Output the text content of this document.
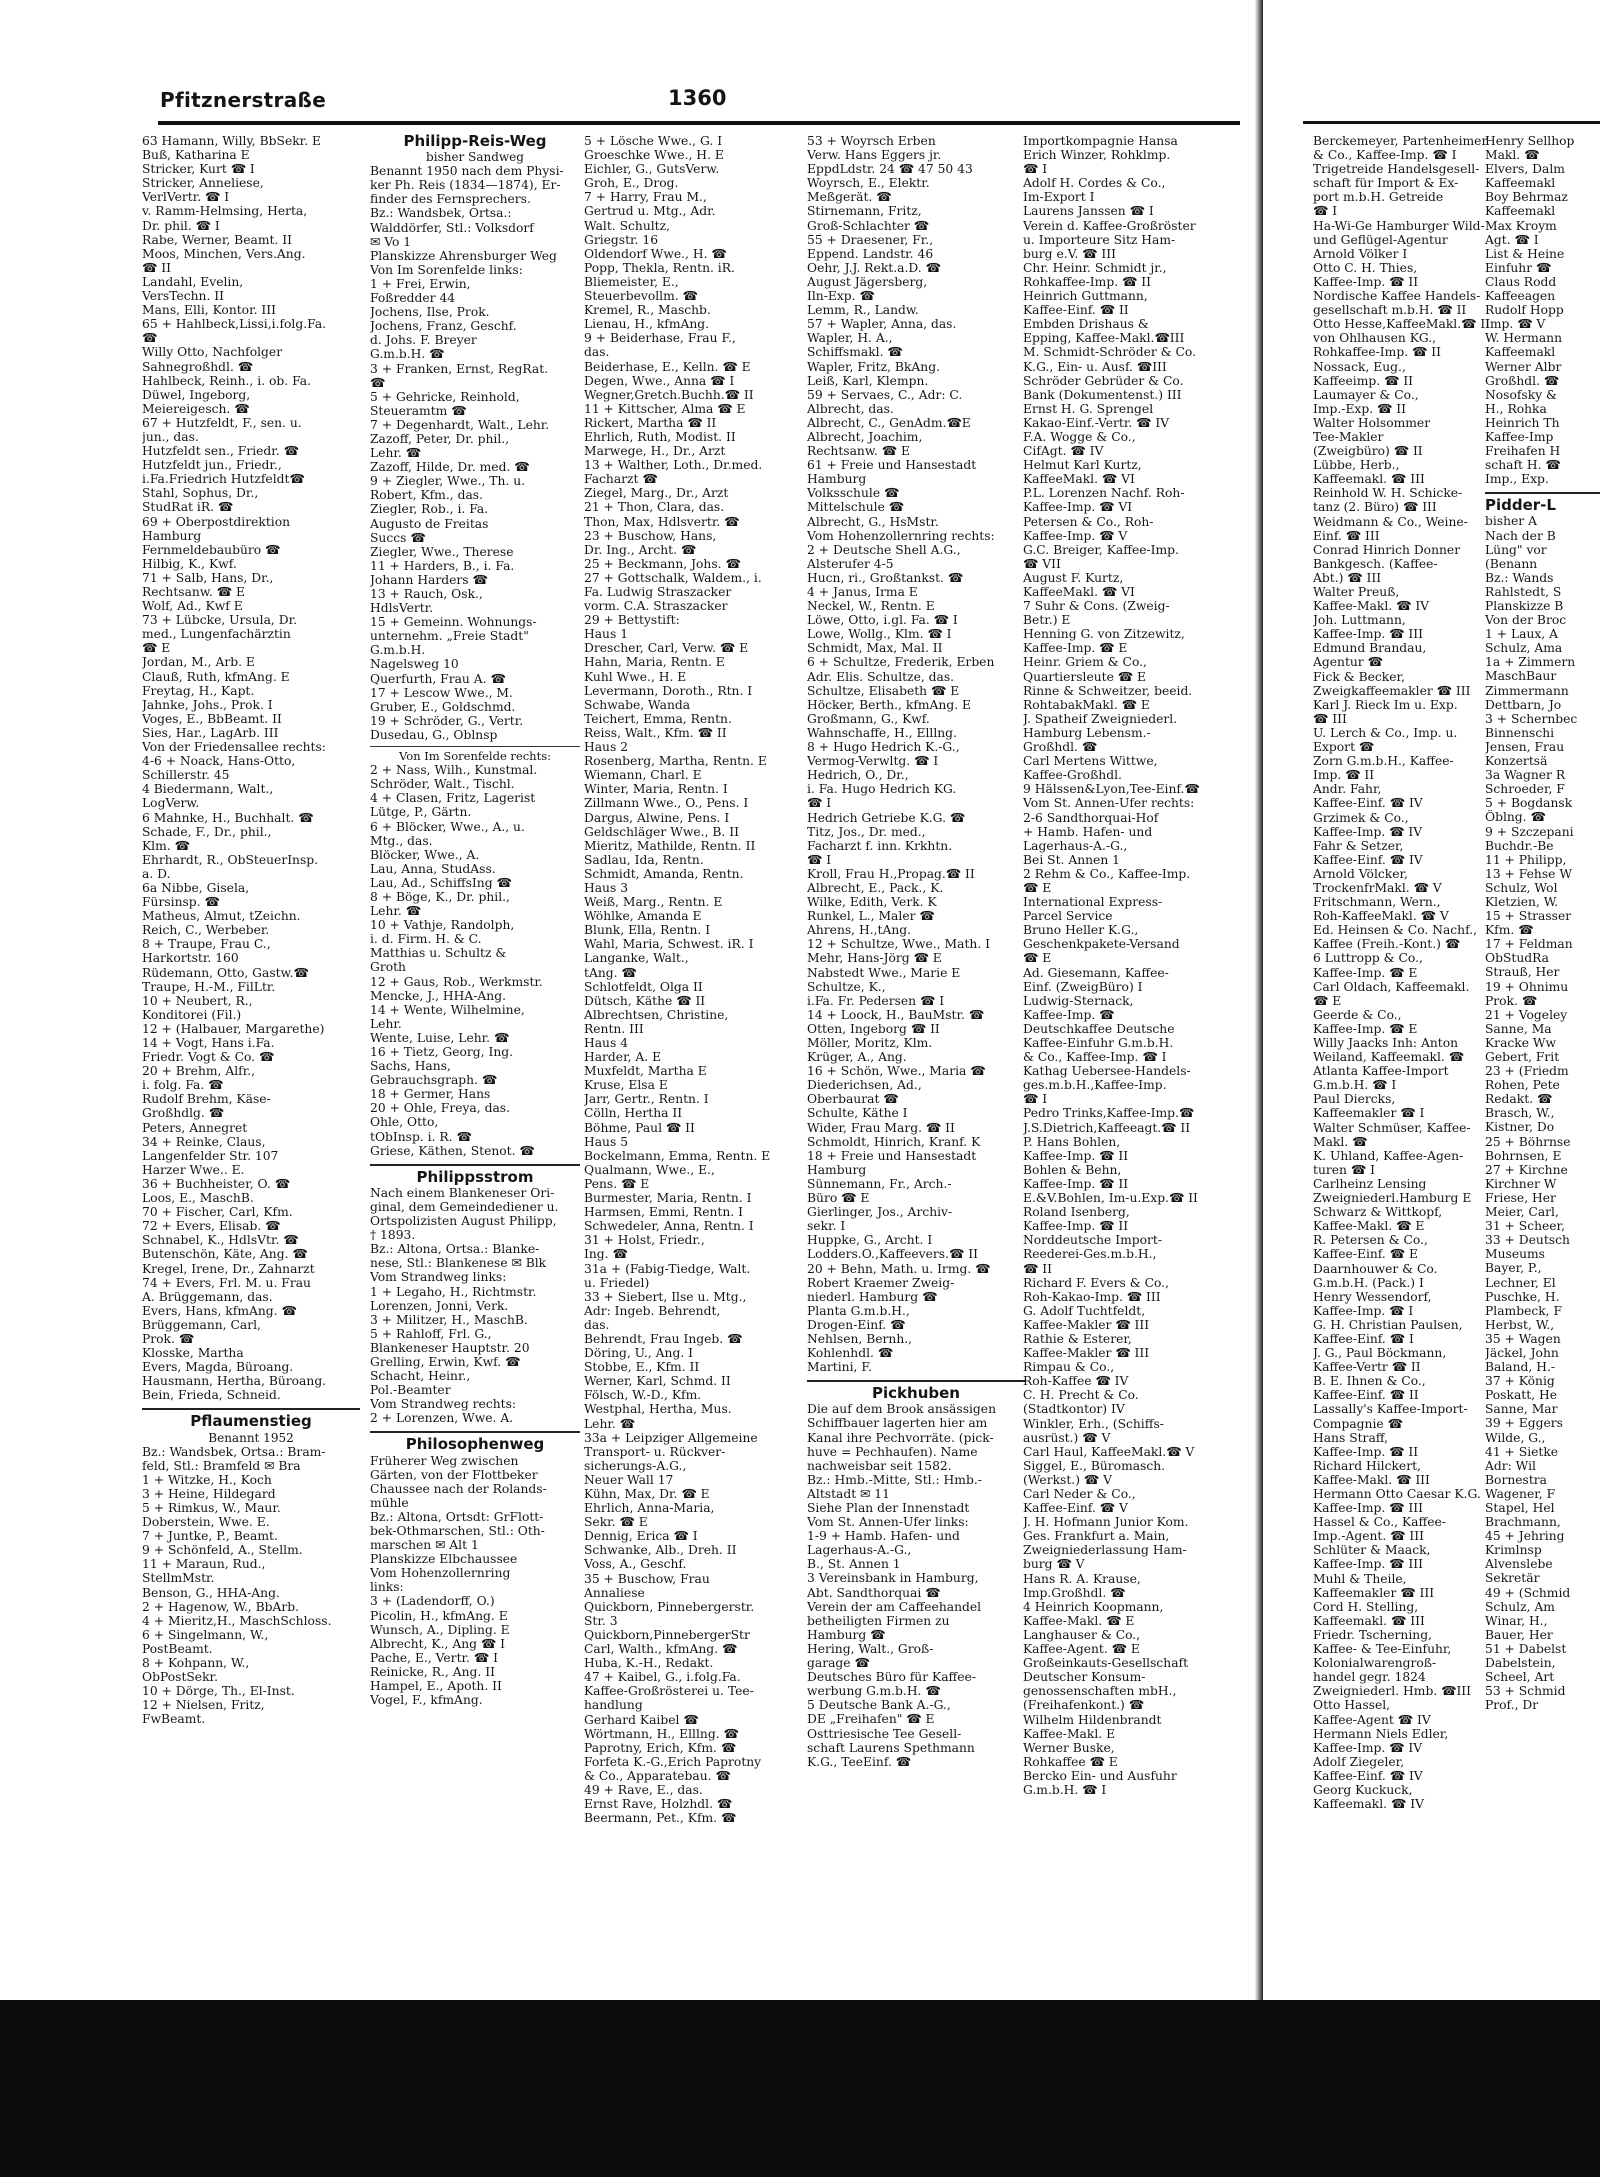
Pfitznerstraße	1360
63 Hamann, Willy, BbSekr. E
Buß, Katharina E
Stricker, Kurt ☎ I
Stricker, Anneliese,
VerlVertr. ☎ I
v. Ramm-Helmsing, Herta,
Dr. phil. ☎ I
Rabe, Werner, Beamt. II
Moos, Minchen, Vers.Ang.
☎ II
Landahl, Evelin,
VersTechn. II
Mans, Elli, Kontor. III
65 + Hahlbeck,Lissi,i.folg.Fa.
☎
Willy Otto, Nachfolger
Sahnegroßhdl. ☎
Hahlbeck, Reinh., i. ob. Fa.
Düwel, Ingeborg,
Meiereigesch. ☎
67 + Hutzfeldt, F., sen. u.
jun., das.
Hutzfeldt sen., Friedr. ☎
Hutzfeldt jun., Friedr.,
i.Fa.Friedrich Hutzfeldt☎
Stahl, Sophus, Dr.,
StudRat iR. ☎
69 + Oberpostdirektion
Hamburg
Fernmeldebaubüro ☎
Hilbig, K., Kwf.
71 + Salb, Hans, Dr.,
Rechtsanw. ☎ E
Wolf, Ad., Kwf E
73 + Lübcke, Ursula, Dr.
med., Lungenfachärztin
☎ E
Jordan, M., Arb. E
Clauß, Ruth, kfmAng. E
Freytag, H., Kapt.
Jahnke, Johs., Prok. I
Voges, E., BbBeamt. II
Sies, Har., LagArb. III
Von der Friedensallee rechts:
4-6 + Noack, Hans-Otto,
Schillerstr. 45
4 Biedermann, Walt.,
LogVerw.
6 Mahnke, H., Buchhalt. ☎
Schade, F., Dr., phil.,
Klm. ☎
Ehrhardt, R., ObSteuerInsp.
a. D.
6a Nibbe, Gisela,
Fürsinsp. ☎
Matheus, Almut, tZeichn.
Reich, C., Werbeber.
8 + Traupe, Frau C.,
Harkortstr. 160
Rüdemann, Otto, Gastw.☎
Traupe, H.-M., FilLtr.
10 + Neubert, R.,
Konditorei (Fil.)
12 + (Halbauer, Margarethe)
14 + Vogt, Hans i.Fa.
Friedr. Vogt & Co. ☎
20 + Brehm, Alfr.,
i. folg. Fa. ☎
Rudolf Brehm, Käse-
Großhdlg. ☎
Peters, Annegret
34 + Reinke, Claus,
Langenfelder Str. 107
Harzer Wwe.. E.
36 + Buchheister, O. ☎
Loos, E., MaschB.
70 + Fischer, Carl, Kfm.
72 + Evers, Elisab. ☎
Schnabel, K., HdlsVtr. ☎
Butenschön, Käte, Ang. ☎
Kregel, Irene, Dr., Zahnarzt
74 + Evers, Frl. M. u. Frau
A. Brüggemann, das.
Evers, Hans, kfmAng. ☎
Brüggemann, Carl,
Prok. ☎
Klosske, Martha
Evers, Magda, Büroang.
Hausmann, Hertha, Büroang.
Bein, Frieda, Schneid.
Pflaumenstieg
Benannt 1952
Bz.: Wandsbek, Ortsa.: Bram-
feld, Stl.: Bramfeld ✉ Bra
1 + Witzke, H., Koch
3 + Heine, Hildegard
5 + Rimkus, W., Maur.
Doberstein, Wwe. E.
7 + Juntke, P., Beamt.
9 + Schönfeld, A., Stellm.
11 + Maraun, Rud.,
StellmMstr.
Benson, G., HHA-Ang.
2 + Hagenow, W., BbArb.
4 + Mieritz,H., MaschSchloss.
6 + Singelmann, W.,
PostBeamt.
8 + Kohpann, W.,
ObPostSekr.
10 + Dörge, Th., El-Inst.
12 + Nielsen, Fritz,
FwBeamt.
Philipp-Reis-Weg
bisher Sandweg
Benannt 1950 nach dem Physi-
ker Ph. Reis (1834—1874), Er-
finder des Fernsprechers.
Bz.: Wandsbek, Ortsa.:
Walddörfer, Stl.: Volksdorf
✉ Vo 1
Planskizze Ahrensburger Weg
Von Im Sorenfelde links:
1 + Frei, Erwin,
Foßredder 44
Jochens, Ilse, Prok.
Jochens, Franz, Geschf.
d. Johs. F. Breyer
G.m.b.H. ☎
3 + Franken, Ernst, RegRat.
☎
5 + Gehricke, Reinhold,
Steueramtm ☎
7 + Degenhardt, Walt., Lehr.
Zazoff, Peter, Dr. phil.,
Lehr. ☎
Zazoff, Hilde, Dr. med. ☎
9 + Ziegler, Wwe., Th. u.
Robert, Kfm., das.
Ziegler, Rob., i. Fa.
Augusto de Freitas
Succs ☎
Ziegler, Wwe., Therese
11 + Harders, B., i. Fa.
Johann Harders ☎
13 + Rauch, Osk.,
HdlsVertr.
15 + Gemeinn. Wohnungs-
unternehm. „Freie Stadt"
G.m.b.H.
Nagelsweg 10
Querfurth, Frau A. ☎
17 + Lescow Wwe., M.
Gruber, E., Goldschmd.
19 + Schröder, G., Vertr.
Dusedau, G., Oblnsp
Von Im Sorenfelde rechts:
2 + Nass, Wilh., Kunstmal.
Schröder, Walt., Tischl.
4 + Clasen, Fritz, Lagerist
Lütge, P., Gärtn.
6 + Blöcker, Wwe., A., u.
Mtg., das.
Blöcker, Wwe., A.
Lau, Anna, StudAss.
Lau, Ad., SchiffsIng ☎
8 + Böge, K., Dr. phil.,
Lehr. ☎
10 + Vathje, Randolph,
i. d. Firm. H. & C.
Matthias u. Schultz &
Groth
12 + Gaus, Rob., Werkmstr.
Mencke, J., HHA-Ang.
14 + Wente, Wilhelmine,
Lehr.
Wente, Luise, Lehr. ☎
16 + Tietz, Georg, Ing.
Sachs, Hans,
Gebrauchsgraph. ☎
18 + Germer, Hans
20 + Ohle, Freya, das.
Ohle, Otto,
tObInsp. i. R. ☎
Griese, Käthen, Stenot. ☎
Philippsstrom
Nach einem Blankeneser Ori-
ginal, dem Gemeindediener u.
Ortspolizisten August Philipp,
† 1893.
Bz.: Altona, Ortsa.: Blanke-
nese, Stl.: Blankenese ✉ Blk
Vom Strandweg links:
1 + Legaho, H., Richtmstr.
Lorenzen, Jonni, Verk.
3 + Militzer, H., MaschB.
5 + Rahloff, Frl. G.,
Blankeneser Hauptstr. 20
Grelling, Erwin, Kwf. ☎
Schacht, Heinr.,
Pol.-Beamter
Vom Strandweg rechts:
2 + Lorenzen, Wwe. A.
Philosophenweg
Früherer Weg zwischen
Gärten, von der Flottbeker
Chaussee nach der Rolands-
mühle
Bz.: Altona, Ortsdt: GrFlott-
bek-Othmarschen, Stl.: Oth-
marschen ✉ Alt 1
Planskizze Elbchaussee
Vom Hohenzollernring
links:
3 + (Ladendorff, O.)
Picolin, H., kfmAng. E
Wunsch, A., Dipling. E
Albrecht, K., Ang ☎ I
Pache, E., Vertr. ☎ I
Reinicke, R., Ang. II
Hampel, E., Apoth. II
Vogel, F., kfmAng.
5 + Lösche Wwe., G. I
Groeschke Wwe., H. E
Eichler, G., GutsVerw.
Groh, E., Drog.
7 + Harry, Frau M.,
Gertrud u. Mtg., Adr.
Walt. Schultz,
Griegstr. 16
Oldendorf Wwe., H. ☎
Popp, Thekla, Rentn. iR.
Bliemeister, E.,
Steuerbevollm. ☎
Kremel, R., Maschb.
Lienau, H., kfmAng.
9 + Beiderhase, Frau F.,
das.
Beiderhase, E., Kelln. ☎ E
Degen, Wwe., Anna ☎ I
Wegner,Gretch.Buchh.☎ II
11 + Kittscher, Alma ☎ E
Rickert, Martha ☎ II
Ehrlich, Ruth, Modist. II
Marwege, H., Dr., Arzt
13 + Walther, Loth., Dr.med.
Facharzt ☎
Ziegel, Marg., Dr., Arzt
21 + Thon, Clara, das.
Thon, Max, Hdlsvertr. ☎
23 + Buschow, Hans,
Dr. Ing., Archt. ☎
25 + Beckmann, Johs. ☎
27 + Gottschalk, Waldem., i.
Fa. Ludwig Straszacker
vorm. C.A. Straszacker
29 + Bettystift:
Haus 1
Drescher, Carl, Verw. ☎ E
Hahn, Maria, Rentn. E
Kuhl Wwe., H. E
Levermann, Doroth., Rtn. I
Schwabe, Wanda
Teichert, Emma, Rentn.
Reiss, Walt., Kfm. ☎ II
Haus 2
Rosenberg, Martha, Rentn. E
Wiemann, Charl. E
Winter, Maria, Rentn. I
Zillmann Wwe., O., Pens. I
Dargus, Alwine, Pens. I
Geldschläger Wwe., B. II
Mieritz, Mathilde, Rentn. II
Sadlau, Ida, Rentn.
Schmidt, Amanda, Rentn.
Haus 3
Weiß, Marg., Rentn. E
Wöhlke, Amanda E
Blunk, Ella, Rentn. I
Wahl, Maria, Schwest. iR. I
Langanke, Walt.,
tAng. ☎
Schlotfeldt, Olga II
Dütsch, Käthe ☎ II
Albrechtsen, Christine,
Rentn. III
Haus 4
Harder, A. E
Muxfeldt, Martha E
Kruse, Elsa E
Jarr, Gertr., Rentn. I
Cölln, Hertha II
Böhme, Paul ☎ II
Haus 5
Bockelmann, Emma, Rentn. E
Qualmann, Wwe., E.,
Pens. ☎ E
Burmester, Maria, Rentn. I
Harmsen, Emmi, Rentn. I
Schwedeler, Anna, Rentn. I
31 + Holst, Friedr.,
Ing. ☎
31a + (Fabig-Tiedge, Walt.
u. Friedel)
33 + Siebert, Ilse u. Mtg.,
Adr: Ingeb. Behrendt,
das.
Behrendt, Frau Ingeb. ☎
Döring, U., Ang. I
Stobbe, E., Kfm. II
Werner, Karl, Schmd. II
Fölsch, W.-D., Kfm.
Westphal, Hertha, Mus.
Lehr. ☎
33a + Leipziger Allgemeine
Transport- u. Rückver-
sicherungs-A.G.,
Neuer Wall 17
Kühn, Max, Dr. ☎ E
Ehrlich, Anna-Maria,
Sekr. ☎ E
Dennig, Erica ☎ I
Schwanke, Alb., Dreh. II
Voss, A., Geschf.
35 + Buschow, Frau
Annaliese
Quickborn, Pinnebergerstr.
Str. 3
Quickborn,PinnebergerStr
Carl, Walth., kfmAng. ☎
Huba, K.-H., Redakt.
47 + Kaibel, G., i.folg.Fa.
Kaffee-Großrösterei u. Tee-
handlung
Gerhard Kaibel ☎
Wörtmann, H., Elllng. ☎
Paprotny, Erich, Kfm. ☎
Forfeta K.-G.,Erich Paprotny
& Co., Apparatebau. ☎
49 + Rave, E., das.
Ernst Rave, Holzhdl. ☎
Beermann, Pet., Kfm. ☎
53 + Woyrsch Erben
Verw. Hans Eggers jr.
EppdLdstr. 24 ☎ 47 50 43
Woyrsch, E., Elektr.
Meßgerät. ☎
Stirnemann, Fritz,
Groß-Schlachter ☎
55 + Draesener, Fr.,
Eppend. Landstr. 46
Oehr, J.J. Rekt.a.D. ☎
August Jägersberg,
Iln-Exp. ☎
Lemm, R., Landw.
57 + Wapler, Anna, das.
Wapler, H. A.,
Schiffsmakl. ☎
Wapler, Fritz, BkAng.
Leiß, Karl, Klempn.
59 + Servaes, C., Adr: C.
Albrecht, das.
Albrecht, C., GenAdm.☎E
Albrecht, Joachim,
Rechtsanw. ☎ E
61 + Freie und Hansestadt
Hamburg
Volksschule ☎
Mittelschule ☎
Albrecht, G., HsMstr.
Vom Hohenzollernring rechts:
2 + Deutsche Shell A.G.,
Alsterufer 4-5
Hucn, ri., Großtankst. ☎
4 + Janus, Irma E
Neckel, W., Rentn. E
Löwe, Otto, i.gl. Fa. ☎ I
Lowe, Wollg., Klm. ☎ I
Schmidt, Max, Mal. II
6 + Schultze, Frederik, Erben
Adr. Elis. Schultze, das.
Schultze, Elisabeth ☎ E
Höcker, Berth., kfmAng. E
Großmann, G., Kwf.
Wahnschaffe, H., Elllng.
8 + Hugo Hedrich K.-G.,
Vermog-Verwltg. ☎ I
Hedrich, O., Dr.,
i. Fa. Hugo Hedrich KG.
☎ I
Hedrich Getriebe K.G. ☎
Titz, Jos., Dr. med.,
Facharzt f. inn. Krkhtn.
☎ I
Kroll, Frau H.,Propag.☎ II
Albrecht, E., Pack., K.
Wilke, Edith, Verk. K
Runkel, L., Maler ☎
Ahrens, H.,tAng.
12 + Schultze, Wwe., Math. I
Mehr, Hans-Jörg ☎ E
Nabstedt Wwe., Marie E
Schultze, K.,
i.Fa. Fr. Pedersen ☎ I
14 + Loock, H., BauMstr. ☎
Otten, Ingeborg ☎ II
Möller, Moritz, Klm.
Krüger, A., Ang.
16 + Schön, Wwe., Maria ☎
Diederichsen, Ad.,
Oberbaurat ☎
Schulte, Käthe I
Wider, Frau Marg. ☎ II
Schmoldt, Hinrich, Kranf. K
18 + Freie und Hansestadt
Hamburg
Sünnemann, Fr., Arch.-
Büro ☎ E
Gierlinger, Jos., Archiv-
sekr. I
Huppke, G., Archt. I
Lodders.O.,Kaffeevers.☎ II
20 + Behn, Math. u. Irmg. ☎
Robert Kraemer Zweig-
niederl. Hamburg ☎
Planta G.m.b.H.,
Drogen-Einf. ☎
Nehlsen, Bernh.,
Kohlenhdl. ☎
Martini, F.
Pickhuben
Die auf dem Brook ansässigen
Schiffbauer lagerten hier am
Kanal ihre Pechvorräte. (pick-
huve = Pechhaufen). Name
nachweisbar seit 1582.
Bz.: Hmb.-Mitte, Stl.: Hmb.-
Altstadt ✉ 11
Siehe Plan der Innenstadt
Vom St. Annen-Ufer links:
1-9 + Hamb. Hafen- und
Lagerhaus-A.-G.,
B., St. Annen 1
3 Vereinsbank in Hamburg,
Abt. Sandthorquai ☎
Verein der am Caffeehandel
betheiligten Firmen zu
Hamburg ☎
Hering, Walt., Groß-
garage ☎
Deutsches Büro für Kaffee-
werbung G.m.b.H. ☎
5 Deutsche Bank A.-G.,
DE „Freihafen" ☎ E
Osttriesische Tee Gesell-
schaft Laurens Spethmann
K.G., TeeEinf. ☎
Importkompagnie Hansa
Erich Winzer, Rohklmp.
☎ I
Adolf H. Cordes & Co.,
Im-Export I
Laurens Janssen ☎ I
Verein d. Kaffee-Großröster
u. Importeure Sitz Ham-
burg e.V. ☎ III
Chr. Heinr. Schmidt jr.,
Rohkaffee-Imp. ☎ II
Heinrich Guttmann,
Kaffee-Einf. ☎ II
Embden Drishaus &
Epping, Kaffee-Makl.☎III
M. Schmidt-Schröder & Co.
K.G., Ein- u. Ausf. ☎III
Schröder Gebrüder & Co.
Bank (Dokumentenst.) III
Ernst H. G. Sprengel
Kakao-Einf.-Vertr. ☎ IV
F.A. Wogge & Co.,
CifAgt. ☎ IV
Helmut Karl Kurtz,
KaffeeMakl. ☎ VI
P.L. Lorenzen Nachf. Roh-
Kaffee-Imp. ☎ VI
Petersen & Co., Roh-
Kaffee-Imp. ☎ V
G.C. Breiger, Kaffee-Imp.
☎ VII
August F. Kurtz,
KaffeeMakl. ☎ VI
7 Suhr & Cons. (Zweig-
Betr.) E
Henning G. von Zitzewitz,
Kaffee-Imp. ☎ E
Heinr. Griem & Co.,
Quartiersleute ☎ E
Rinne & Schweitzer, beeid.
RohtabakMakl. ☎ E
J. Spatheif Zweigniederl.
Hamburg Lebensm.-
Großhdl. ☎
Carl Mertens Wittwe,
Kaffee-Großhdl.
9 Hälssen&Lyon,Tee-Einf.☎
Vom St. Annen-Ufer rechts:
2-6 Sandthorquai-Hof
+ Hamb. Hafen- und
Lagerhaus-A.-G.,
Bei St. Annen 1
2 Rehm & Co., Kaffee-Imp.
☎ E
International Express-
Parcel Service
Bruno Heller K.G.,
Geschenkpakete-Versand
☎ E
Ad. Giesemann, Kaffee-
Einf. (ZweigBüro) I
Ludwig-Sternack,
Kaffee-Imp. ☎
Deutschkaffee Deutsche
Kaffee-Einfuhr G.m.b.H.
& Co., Kaffee-Imp. ☎ I
Kathag Uebersee-Handels-
ges.m.b.H.,Kaffee-Imp.
☎ I
Pedro Trinks,Kaffee-Imp.☎
J.S.Dietrich,Kaffeeagt.☎ II
P. Hans Bohlen,
Kaffee-Imp. ☎ II
Bohlen & Behn,
Kaffee-Imp. ☎ II
E.&V.Bohlen, Im-u.Exp.☎ II
Roland Isenberg,
Kaffee-Imp. ☎ II
Norddeutsche Import-
Reederei-Ges.m.b.H.,
☎ II
Richard F. Evers & Co.,
Roh-Kakao-Imp. ☎ III
G. Adolf Tuchtfeldt,
Kaffee-Makler ☎ III
Rathie & Esterer,
Kaffee-Makler ☎ III
Rimpau & Co.,
Roh-Kaffee ☎ IV
C. H. Precht & Co.
(Stadtkontor) IV
Winkler, Erh., (Schiffs-
ausrüst.) ☎ V
Carl Haul, KaffeeMakl.☎ V
Siggel, E., Büromasch.
(Werkst.) ☎ V
Carl Neder & Co.,
Kaffee-Einf. ☎ V
J. H. Hofmann Junior Kom.
Ges. Frankfurt a. Main,
Zweigniederlassung Ham-
burg ☎ V
Hans R. A. Krause,
Imp.Großhdl. ☎
4 Heinrich Koopmann,
Kaffee-Makl. ☎ E
Langhauser & Co.,
Kaffee-Agent. ☎ E
Großeinkauts-Gesellschaft
Deutscher Konsum-
genossenschaften mbH.,
(Freihafenkont.) ☎
Wilhelm Hildenbrandt
Kaffee-Makl. E
Werner Buske,
Rohkaffee ☎ E
Bercko Ein- und Ausfuhr
G.m.b.H. ☎ I
Berckemeyer, Partenheimer
& Co., Kaffee-Imp. ☎ I
Trigetreide Handelsgesell-
schaft für Import & Ex-
port m.b.H. Getreide
☎ I
Ha-Wi-Ge Hamburger Wild-
und Geflügel-Agentur
Arnold Völker I
Otto C. H. Thies,
Kaffee-Imp. ☎ II
Nordische Kaffee Handels-
gesellschaft m.b.H. ☎ II
Otto Hesse,KaffeeMakl.☎ II
von Ohlhausen KG.,
Rohkaffee-Imp. ☎ II
Nossack, Eug.,
Kaffeeimp. ☎ II
Laumayer & Co.,
Imp.-Exp. ☎ II
Walter Holsommer
Tee-Makler
(Zweigbüro) ☎ II
Lübbe, Herb.,
Kaffeemakl. ☎ III
Reinhold W. H. Schicke-
tanz (2. Büro) ☎ III
Weidmann & Co., Weine-
Einf. ☎ III
Conrad Hinrich Donner
Bankgesch. (Kaffee-
Abt.) ☎ III
Walter Preuß,
Kaffee-Makl. ☎ IV
Joh. Luttmann,
Kaffee-Imp. ☎ III
Edmund Brandau,
Agentur ☎
Fick & Becker,
Zweigkaffeemakler ☎ III
Karl J. Rieck Im u. Exp.
☎ III
U. Lerch & Co., Imp. u.
Export ☎
Zorn G.m.b.H., Kaffee-
Imp. ☎ II
Andr. Fahr,
Kaffee-Einf. ☎ IV
Grzimek & Co.,
Kaffee-Imp. ☎ IV
Fahr & Setzer,
Kaffee-Einf. ☎ IV
Arnold Völcker,
TrockenfrMakl. ☎ V
Fritschmann, Wern.,
Roh-KaffeeMakl. ☎ V
Ed. Heinsen & Co. Nachf.,
Kaffee (Freih.-Kont.) ☎
6 Luttropp & Co.,
Kaffee-Imp. ☎ E
Carl Oldach, Kaffeemakl.
☎ E
Geerde & Co.,
Kaffee-Imp. ☎ E
Willy Jaacks Inh: Anton
Weiland, Kaffeemakl. ☎
Atlanta Kaffee-Import
G.m.b.H. ☎ I
Paul Diercks,
Kaffeemakler ☎ I
Walter Schmüser, Kaffee-
Makl. ☎
K. Uhland, Kaffee-Agen-
turen ☎ I
Carlheinz Lensing
Zweigniederl.Hamburg E
Schwarz & Wittkopf,
Kaffee-Makl. ☎ E
R. Petersen & Co.,
Kaffee-Einf. ☎ E
Daarnhouwer & Co.
G.m.b.H. (Pack.) I
Henry Wessendorf,
Kaffee-Imp. ☎ I
G. H. Christian Paulsen,
Kaffee-Einf. ☎ I
J. G., Paul Böckmann,
Kaffee-Vertr ☎ II
B. E. Ihnen & Co.,
Kaffee-Einf. ☎ II
Lassally's Kaffee-Import-
Compagnie ☎
Hans Straff,
Kaffee-Imp. ☎ II
Richard Hilckert,
Kaffee-Makl. ☎ III
Hermann Otto Caesar K.G.
Kaffee-Imp. ☎ III
Hassel & Co., Kaffee-
Imp.-Agent. ☎ III
Schlüter & Maack,
Kaffee-Imp. ☎ III
Muhl & Theile,
Kaffeemakler ☎ III
Cord H. Stelling,
Kaffeemakl. ☎ III
Friedr. Tscherning,
Kaffee- & Tee-Einfuhr,
Kolonialwarengroß-
handel gegr. 1824
Zweigniederl. Hmb. ☎III
Otto Hassel,
Kaffee-Agent ☎ IV
Hermann Niels Edler,
Kaffee-Imp. ☎ IV
Adolf Ziegeler,
Kaffee-Einf. ☎ IV
Georg Kuckuck,
Kaffeemakl. ☎ IV
Henry Sellhop
Makl. ☎
Elvers, Dalm
Kaffeemakl
Boy Behrmaz
Kaffeemakl
Max Kroym
Agt. ☎ I
List & Heine
Einfuhr ☎
Claus Rodd
Kaffeeagen
Rudolf Hopp
Imp. ☎ V
W. Hermann
Kaffeemakl
Werner Albr
Großhdl. ☎
Nosofsky &
H., Rohka
Heinrich Th
Kaffee-Imp
Freihafen H
schaft H. ☎
Imp., Exp.
Pidder-L
bisher A
Nach der B
Lüng" vor
(Benann
Bz.: Wands
Rahlstedt, S
Planskizze B
Von der Broc
1 + Laux, A
Schulz, Ama
1a + Zimmern
MaschBaur
Zimmermann
Dettbarn, Jo
3 + Schernbec
Binnenschi
Jensen, Frau
Konzertsä
3a Wagner R
Schroeder, F
5 + Bogdansk
Öblng. ☎
9 + Szczepani
Buchdr.-Be
11 + Philipp,
13 + Fehse W
Schulz, Wol
Kletzien, W.
15 + Strasser
Kfm. ☎
17 + Feldman
ObStudRa
Strauß, Her
19 + Ohnimu
Prok. ☎
21 + Vogeley
Sanne, Ma
Kracke Ww
Gebert, Frit
23 + (Friedm
Rohen, Pete
Redakt. ☎
Brasch, W.,
Kistner, Do
25 + Böhrnse
Bohrnsen, E
27 + Kirchne
Kirchner W
Friese, Her
Meier, Carl,
31 + Scheer,
33 + Deutsch
Museums
Bayer, P.,
Lechner, El
Puschke, H.
Plambeck, F
Herbst, W.,
35 + Wagen
Jäckel, John
Baland, H.-
37 + König
Poskatt, He
Sanne, Mar
39 + Eggers
Wilde, G.,
41 + Sietke
Adr: Wil
Bornestra
Wagener, F
Stapel, Hel
Brachmann,
45 + Jehring
Krimlnsp
Alvenslebe
Sekretär
49 + (Schmid
Schulz, Am
Winar, H.,
Bauer, Her
51 + Dabelst
Dabelstein,
Scheel, Art
53 + Schmid
Prof., Dr
